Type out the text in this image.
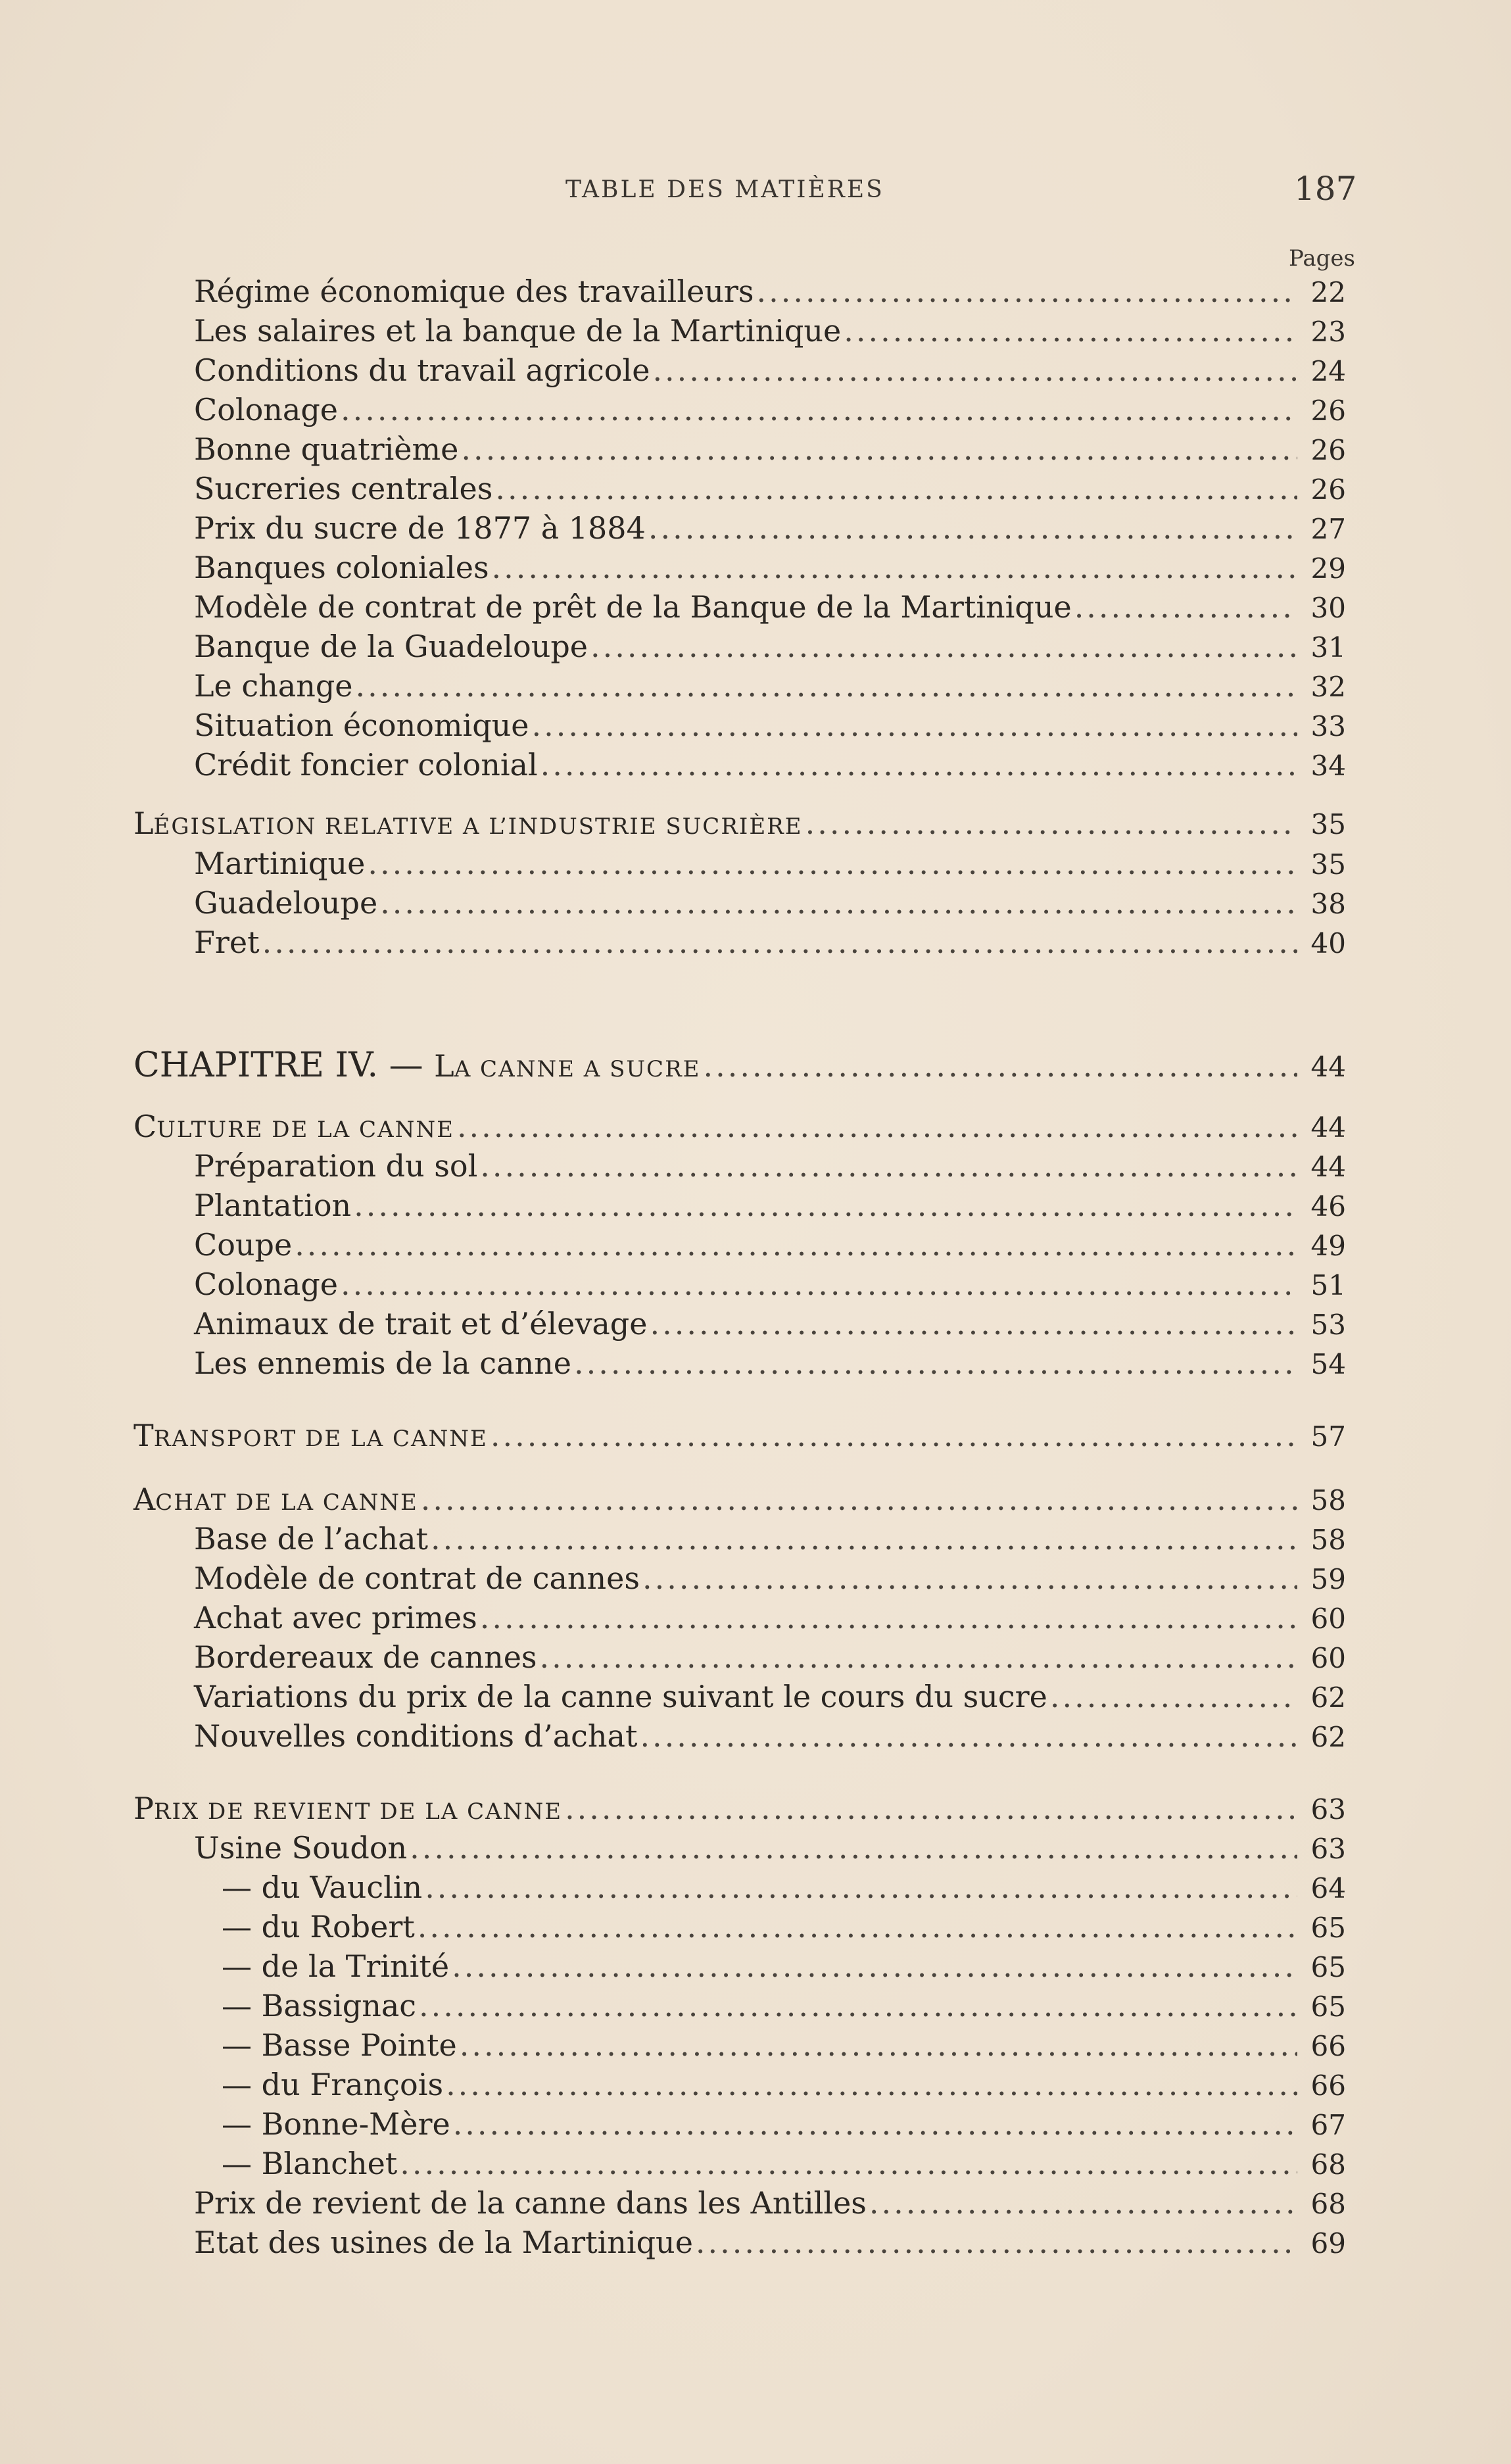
TABLE DES MATIÈRES	187
Pages
Régime économique des travailleurs .....	22
Les salaires et la banque de la Martinique .....	23
Conditions du travail agricole .....	24
Colonage .....	26
Bonne quatrième .....	26
Sucreries centrales .....	26
Prix du sucre de 1877 à 1884 .....	27
Banques coloniales .....	29
Modèle de contrat de prêt de la Banque de la Martinique .....	30
Banque de la Guadeloupe .....	31
Le change .....	32
Situation économique .....	33
Crédit foncier colonial .....	34
LÉGISLATION RELATIVE A L’INDUSTRIE SUCRIÈRE .....	35
Martinique .....	35
Guadeloupe .....	38
Fret .....	40
CHAPITRE IV. — LA CANNE A SUCRE .....	44
CULTURE DE LA CANNE .....	44
Préparation du sol .....	44
Plantation .....	46
Coupe .....	49
Colonage .....	51
Animaux de trait et d’élevage .....	53
Les ennemis de la canne .....	54
TRANSPORT DE LA CANNE .....	57
ACHAT DE LA CANNE .....	58
Base de l’achat .....	58
Modèle de contrat de cannes .....	59
Achat avec primes .....	60
Bordereaux de cannes .....	60
Variations du prix de la canne suivant le cours du sucre .....	62
Nouvelles conditions d’achat .....	62
PRIX DE REVIENT DE LA CANNE .....	63
Usine Soudon .....	63
— du Vauclin .....	64
— du Robert .....	65
— de la Trinité .....	65
— Bassignac .....	65
— Basse Pointe .....	66
— du François .....	66
— Bonne-Mère .....	67
— Blanchet .....	68
Prix de revient de la canne dans les Antilles .....	68
Etat des usines de la Martinique .....	69
